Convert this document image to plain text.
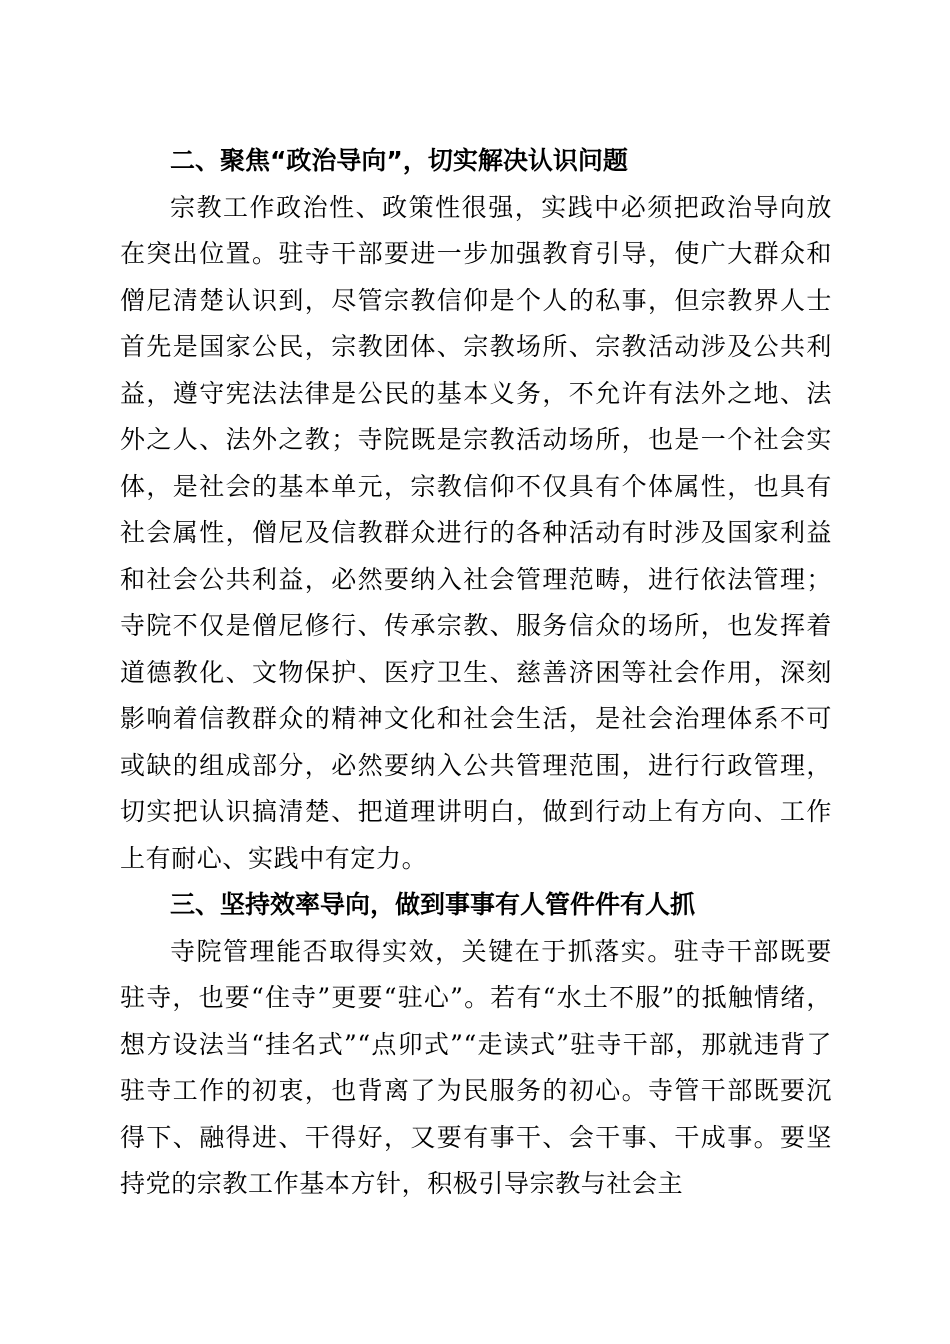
二、聚焦“政治导向”，切实解决认识问题

宗教工作政治性、政策性很强，实践中必须把政治导向放在突出位置。驻寺干部要进一步加强教育引导，使广大群众和僧尼清楚认识到，尽管宗教信仰是个人的私事，但宗教界人士首先是国家公民，宗教团体、宗教场所、宗教活动涉及公共利益，遵守宪法法律是公民的基本义务，不允许有法外之地、法外之人、法外之教；寺院既是宗教活动场所，也是一个社会实体，是社会的基本单元，宗教信仰不仅具有个体属性，也具有社会属性，僧尼及信教群众进行的各种活动有时涉及国家利益和社会公共利益，必然要纳入社会管理范畴，进行依法管理；寺院不仅是僧尼修行、传承宗教、服务信众的场所，也发挥着道德教化、文物保护、医疗卫生、慈善济困等社会作用，深刻影响着信教群众的精神文化和社会生活，是社会治理体系不可或缺的组成部分，必然要纳入公共管理范围，进行行政管理，切实把认识搞清楚、把道理讲明白，做到行动上有方向、工作上有耐心、实践中有定力。

三、坚持效率导向，做到事事有人管件件有人抓

寺院管理能否取得实效，关键在于抓落实。驻寺干部既要驻寺，也要“住寺”更要“驻心”。若有“水土不服”的抵触情绪，想方设法当“挂名式”“点卯式”“走读式”驻寺干部，那就违背了驻寺工作的初衷，也背离了为民服务的初心。寺管干部既要沉得下、融得进、干得好，又要有事干、会干事、干成事。要坚持党的宗教工作基本方针，积极引导宗教与社会主
